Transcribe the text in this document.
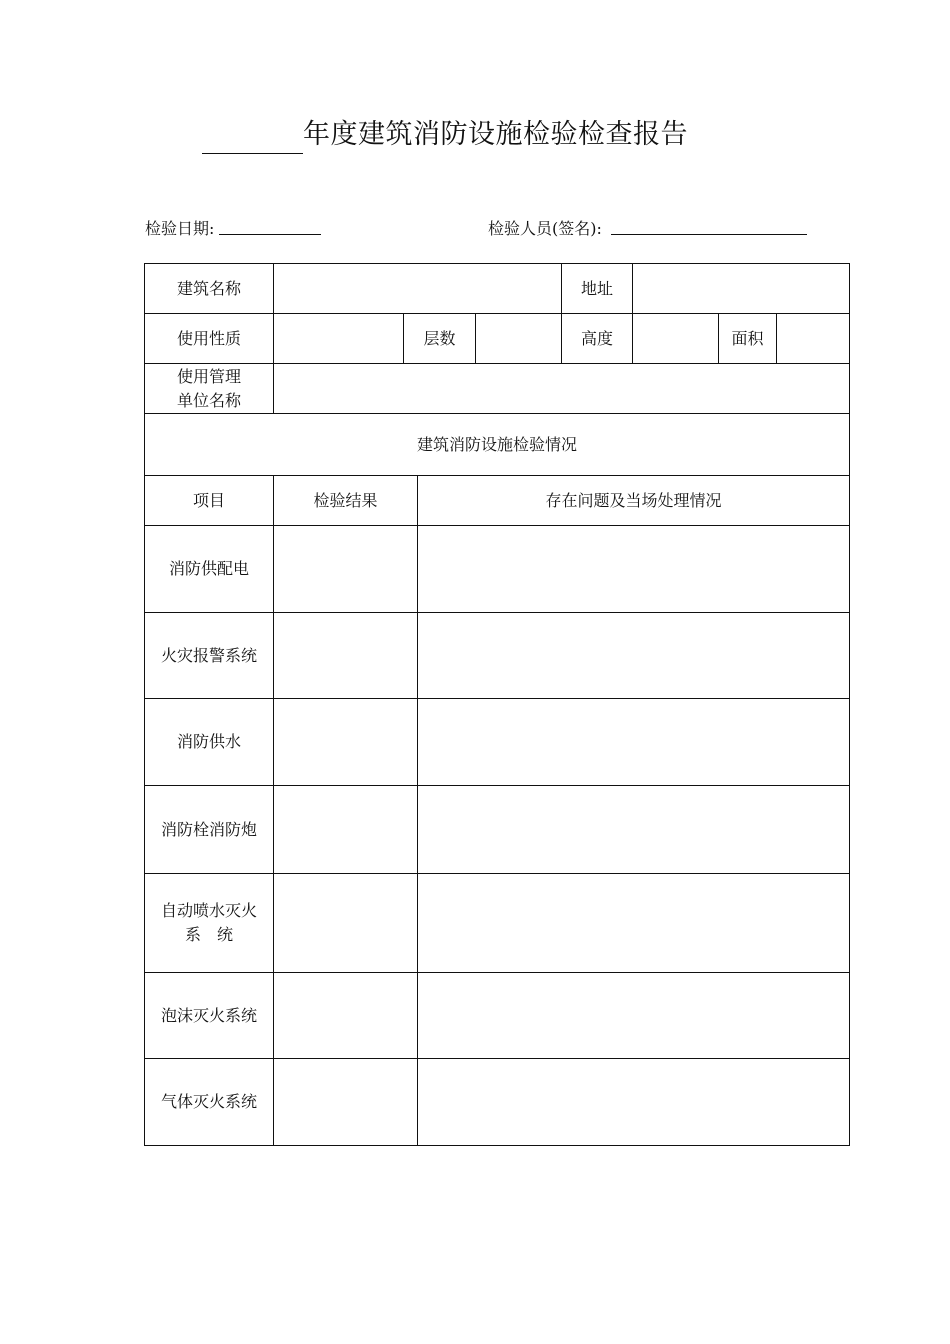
年度建筑消防设施检验检查报告
检验日期:	检验人员(签名):
建筑名称					地址			
使用性质		层数			高度		面积	

使用管理
单位名称								

建筑消防设施检验情况								
项目	检验结果		存在问题及当场处理情况					
消防供配电								
火灾报警系统								
消防供水								
消防栓消防炮								

自动喷水灭火
系　统								

泡沫灭火系统								
气体灭火系统								
